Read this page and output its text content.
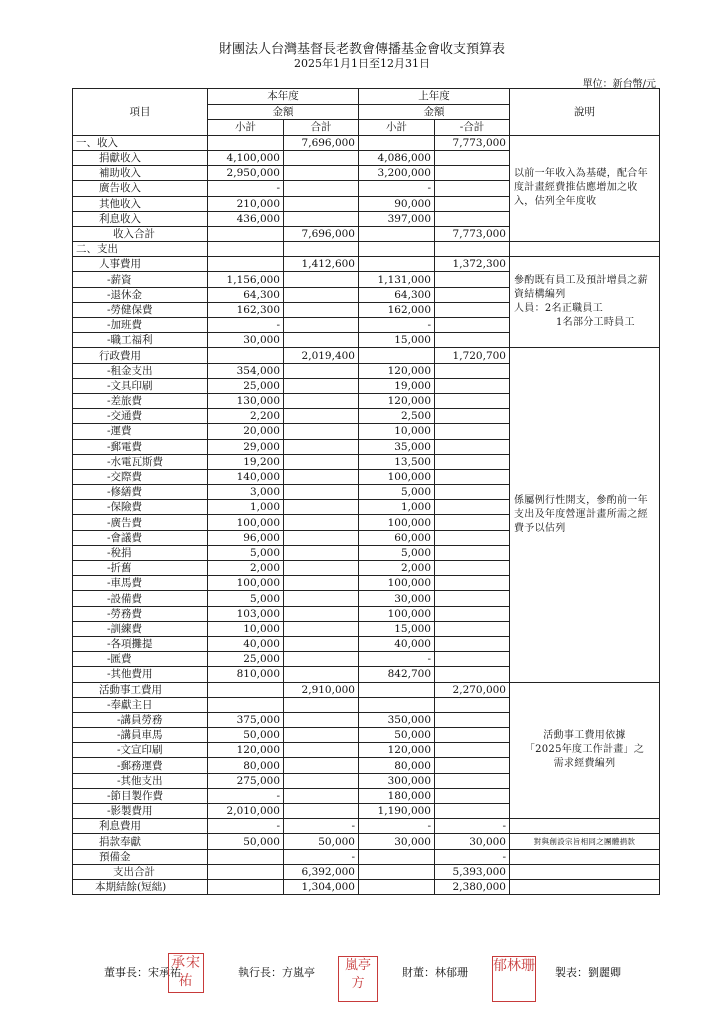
財團法人台灣基督長老教會傳播基金會收支預算表
2025年1月1日至12月31日
單位：新台幣/元
項目	本年度		上年度		說明
	金額		金額		
	小計	合計	小計	-合計	
一、收入		7,696,000		7,773,000	以前一年收入為基礎，配合年度計畫經費推估應增加之收入，估列全年度收
捐獻收入	4,100,000		4,086,000		
補助收入	2,950,000		3,200,000		
廣告收入	-		-		
其他收入	210,000		90,000		
利息收入	436,000		397,000		
收入合計		7,696,000		7,773,000	
二、支出					
人事費用		1,412,600		1,372,300	參酌既有員工及預計增員之薪資結構編列
人員：2名正職員工
1名部分工時員工

-薪資	1,156,000		1,131,000		
-退休金	64,300		64,300		
-勞健保費	162,300		162,000		
-加班費	-		-		
-職工福利	30,000		15,000		
行政費用		2,019,400		1,720,700	係屬例行性開支，參酌前一年支出及年度營運計畫所需之經費予以估列
-租金支出	354,000		120,000		
-文具印刷	25,000		19,000		
-差旅費	130,000		120,000		
-交通費	2,200		2,500		
-運費	20,000		10,000		
-郵電費	29,000		35,000		
-水電瓦斯費	19,200		13,500		
-交際費	140,000		100,000		
-修繕費	3,000		5,000		
-保險費	1,000		1,000		
-廣告費	100,000		100,000		
-會議費	96,000		60,000		
-稅捐	5,000		5,000		
-折舊	2,000		2,000		
-車馬費	100,000		100,000		
-設備費	5,000		30,000		
-勞務費	103,000		100,000		
-訓練費	10,000		15,000		
-各項攤提	40,000		40,000		
-匯費	25,000		-		
-其他費用	810,000		842,700		
活動事工費用		2,910,000		2,270,000	活動事工費用依據
「2025年度工作計畫」之
需求經費編列

-奉獻主日					
-講員勞務	375,000		350,000		
-講員車馬	50,000		50,000		
-文宣印刷	120,000		120,000		
-郵務運費	80,000		80,000		
-其他支出	275,000		300,000		
-節目製作費	-		180,000		
-影製費用	2,010,000		1,190,000		
利息費用	-	-	-	-	
捐款奉獻	50,000	50,000	30,000	30,000	對與創設宗旨相同之團體捐款
預備金		-		-	
支出合計		6,392,000		5,393,000	
本期結餘(短絀)		1,304,000		2,380,000	
董事長：宋承祐
承宋祐
執行長：方嵐亭	嵐亭方
財董：林郁珊 郁林珊 製表：劉麗卿
